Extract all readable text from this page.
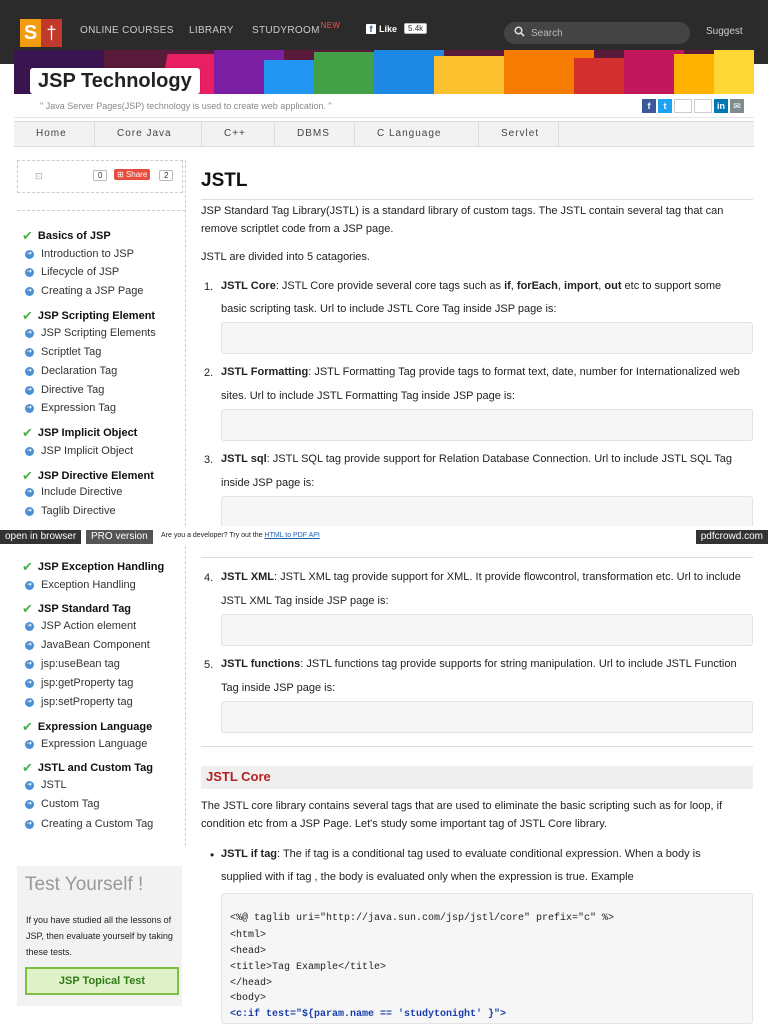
S †	ONLINE COURSES LIBRARY $STUDYROOM^{NEW}$	f Like	5.4k
Search	Suggest
JSP Technology
" Java Server Pages(JSP) technology is used to create web application. "	f	t	in ✉
Home	Core Java	C++	DBMS	C Language	Servlet
⊡	0	⊞ Share	2
✔ Basics of JSP
➜ Introduction to JSP
➜ Lifecycle of JSP
➜ Creating a JSP Page
✔ JSP Scripting Element
➜ JSP Scripting Elements
➜ Scriptlet Tag
➜ Declaration Tag
➜ Directive Tag
➜ Expression Tag
✔ JSP Implicit Object
➜ JSP Implicit Object
✔ JSP Directive Element
➜ Include Directive
➜ Taglib Directive
open in browser	PRO version	Are you a developer? Try out the HTML to PDF API	pdfcrowd.com
✔ JSP Exception Handling
➜ Exception Handling
✔ JSP Standard Tag
➜ JSP Action element
➜ JavaBean Component
➜ jsp:useBean tag
➜ jsp:getProperty tag
➜ jsp:setProperty tag
✔ Expression Language
➜ Expression Language
✔ JSTL and Custom Tag
➜ JSTL
➜ Custom Tag
➜ Creating a Custom Tag
Test Yourself !
If you have studied all the lessons of JSP, then evaluate yourself by taking these tests.
JSP Topical Test
JSTL
JSP Standard Tag Library(JSTL) is a standard library of custom tags. The JSTL contain several tag that can
remove scriptlet code from a JSP page.
JSTL are divided into 5 catagories.
1. JSTL Core: JSTL Core provide several core tags such as if, forEach, import, out etc to support some
basic scripting task. Url to include JSTL Core Tag inside JSP page is:
2. JSTL Formatting: JSTL Formatting Tag provide tags to format text, date, number for Internationalized web
sites. Url to include JSTL Formatting Tag inside JSP page is:
3. JSTL sql: JSTL SQL tag provide support for Relation Database Connection. Url to include JSTL SQL Tag
inside JSP page is:
4. JSTL XML: JSTL XML tag provide support for XML. It provide flowcontrol, transformation etc. Url to include
JSTL XML Tag inside JSP page is:
5. JSTL functions: JSTL functions tag provide supports for string manipulation. Url to include JSTL Function
Tag inside JSP page is:
JSTL Core
The JSTL core library contains several tags that are used to eliminate the basic scripting such as for loop, if
condition etc from a JSP Page. Let's study some important tag of JSTL Core library.
• JSTL if tag: The if tag is a conditional tag used to evaluate conditional expression. When a body is
supplied with if tag , the body is evaluated only when the expression is true. Example
<%@ taglib uri="http://java.sun.com/jsp/jstl/core" prefix="c" %>
<html>
<head>
<title>Tag Example</title>
</head>
<body>
<c:if test="${param.name == 'studytonight' }">
